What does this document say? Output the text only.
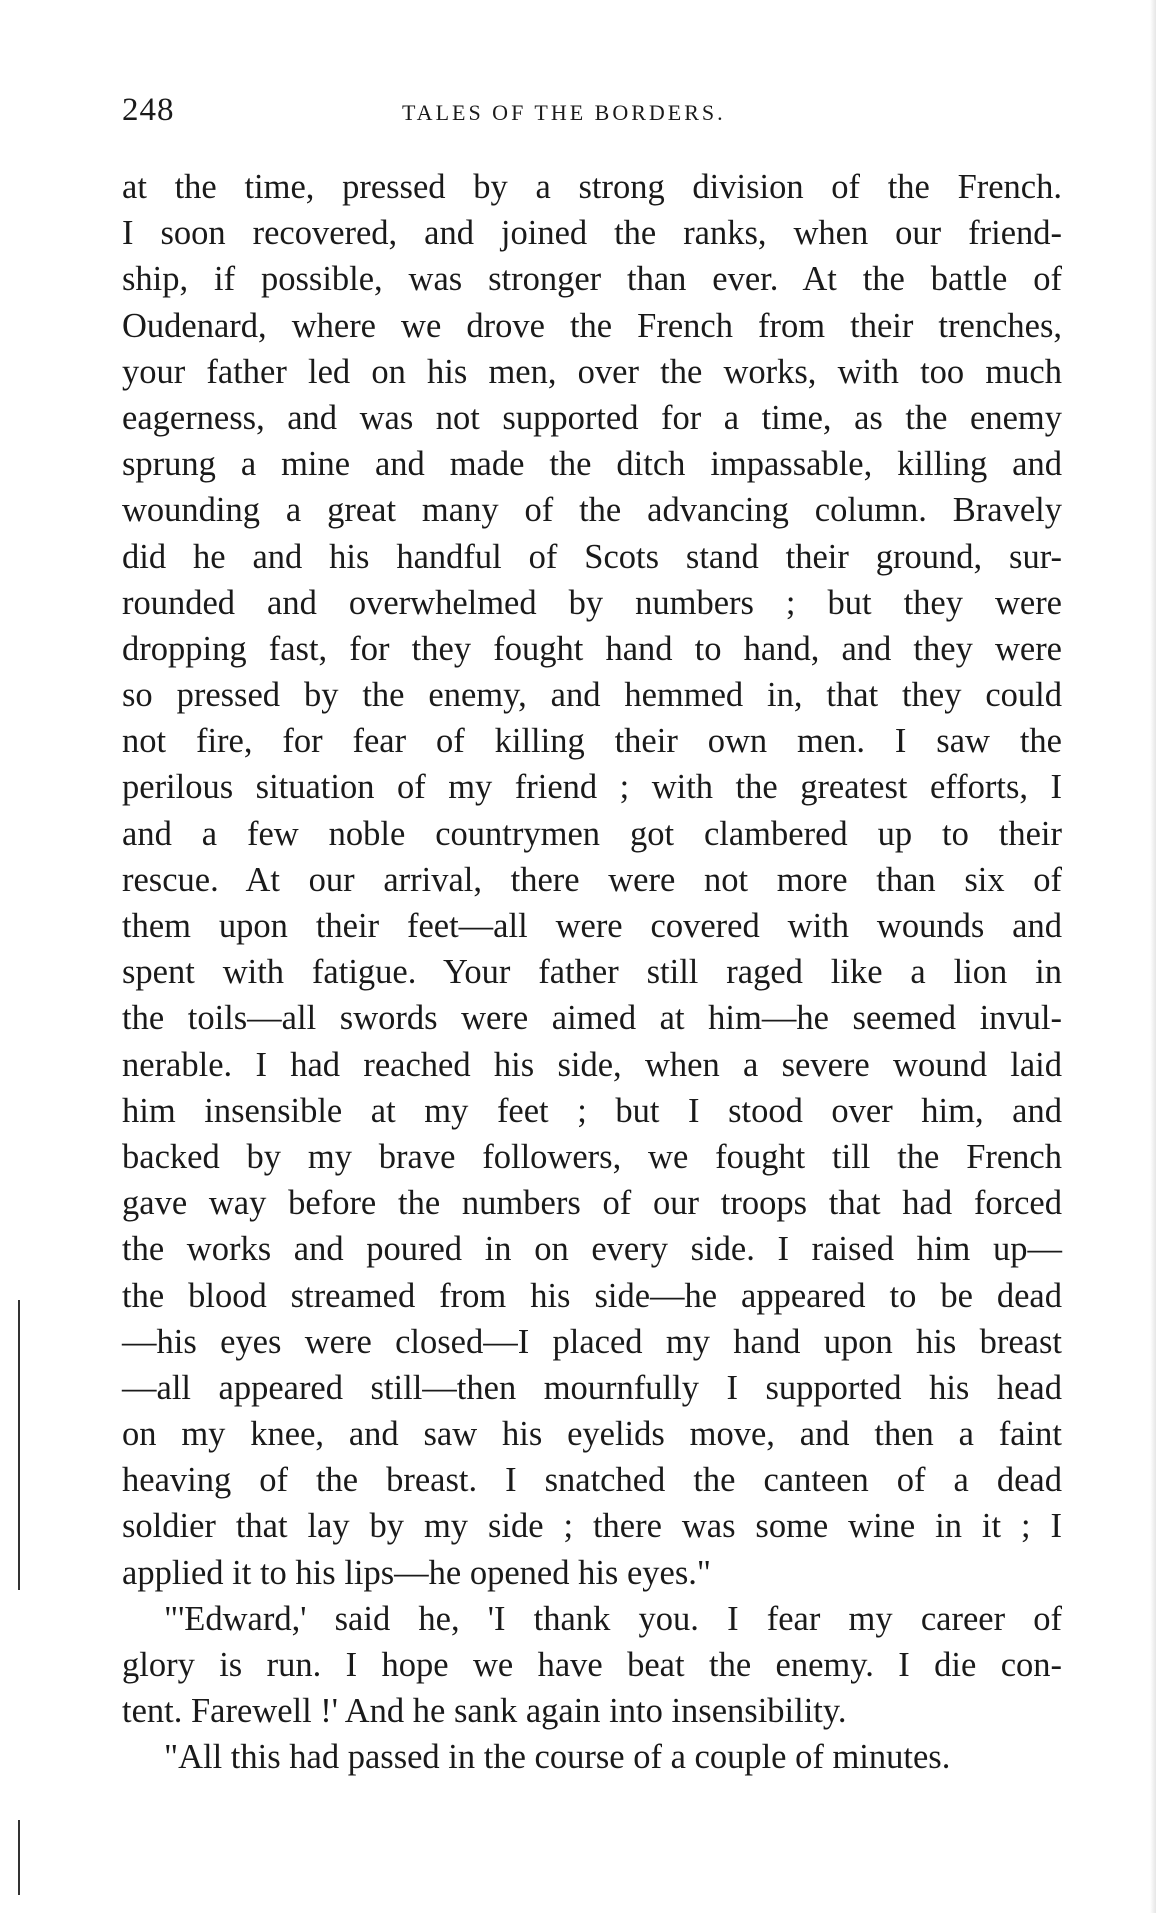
248	TALES OF THE BORDERS.
at the time, pressed by a strong division of the French.
I soon recovered, and joined the ranks, when our friend-
ship, if possible, was stronger than ever. At the battle of
Oudenard, where we drove the French from their trenches,
your father led on his men, over the works, with too much
eagerness, and was not supported for a time, as the enemy
sprung a mine and made the ditch impassable, killing and
wounding a great many of the advancing column. Bravely
did he and his handful of Scots stand their ground, sur-
rounded and overwhelmed by numbers ; but they were
dropping fast, for they fought hand to hand, and they were
so pressed by the enemy, and hemmed in, that they could
not fire, for fear of killing their own men. I saw the
perilous situation of my friend ; with the greatest efforts, I
and a few noble countrymen got clambered up to their
rescue. At our arrival, there were not more than six of
them upon their feet—all were covered with wounds and
spent with fatigue. Your father still raged like a lion in
the toils—all swords were aimed at him—he seemed invul-
nerable. I had reached his side, when a severe wound laid
him insensible at my feet ; but I stood over him, and
backed by my brave followers, we fought till the French
gave way before the numbers of our troops that had forced
the works and poured in on every side. I raised him up—
the blood streamed from his side—he appeared to be dead
—his eyes were closed—I placed my hand upon his breast
—all appeared still—then mournfully I supported his head
on my knee, and saw his eyelids move, and then a faint
heaving of the breast. I snatched the canteen of a dead
soldier that lay by my side ; there was some wine in it ; I
applied it to his lips—he opened his eyes."
"'Edward,' said he, 'I thank you. I fear my career of
glory is run. I hope we have beat the enemy. I die con-
tent. Farewell !' And he sank again into insensibility.
"All this had passed in the course of a couple of minutes.
